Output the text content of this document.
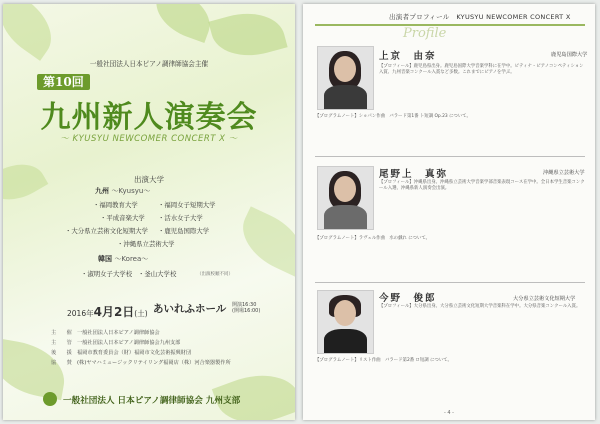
一般社団法人日本ピアノ調律師協会主催
第10回
九州新人演奏会
～ KYUSYU NEWCOMER CONCERT Ⅹ ～
出演大学
九州 ～Kyusyu～
・ 福岡教育大学	・ 福岡女子短期大学
・ 平成音楽大学	・ 活水女子大学
・ 大分県立芸術文化短期大学	・ 鹿児島国際大学
・ 沖縄県立芸術大学
韓国 ～Korea～
・ 淑明女子大学校	・ 釜山大学校	（出演校順不同）
2016年4月2日(土) あいれふホール 開演16:30
(開場16:00)
主　　催 一般社団法人日本ピアノ調律師協会
主　　管 一般社団法人日本ピアノ調律師協会九州支部
後　　援 福岡市教育委員会（財）福岡市文化芸術振興財団
協　　賛 (株)ヤマハミュージックリテイリング福岡店（株）河合楽器製作所
一般社団法人 日本ピアノ調律師協会 九州支部
出演者プロフィール　KYUSYU NEWCOMER CONCERT Ⅹ
Profile
上京　由奈	鹿児島国際大学
【プロフィール】鹿児島県出身。鹿児島国際大学音楽学科に在学中。ピティナ・ピアノコンペティション入賞、九州音楽コンクール入賞など多数。これまでにピアノを学ぶ。
【プログラムノート】ショパン作曲　バラード第1番 ト短調 Op.23 について。
尾野上　真弥	沖縄県立芸術大学
【プロフィール】沖縄県出身。沖縄県立芸術大学音楽学部音楽表現コース在学中。全日本学生音楽コンクール入選、沖縄県新人演奏会出演。
【プログラムノート】ラヴェル作曲　水の戯れ について。
今野　俊郎	大分県立芸術文化短期大学
【プロフィール】大分県出身。大分県立芸術文化短期大学音楽科在学中。大分県音楽コンクール入賞。
【プログラムノート】リスト作曲　バラード第2番 ロ短調 について。
- 4 -
